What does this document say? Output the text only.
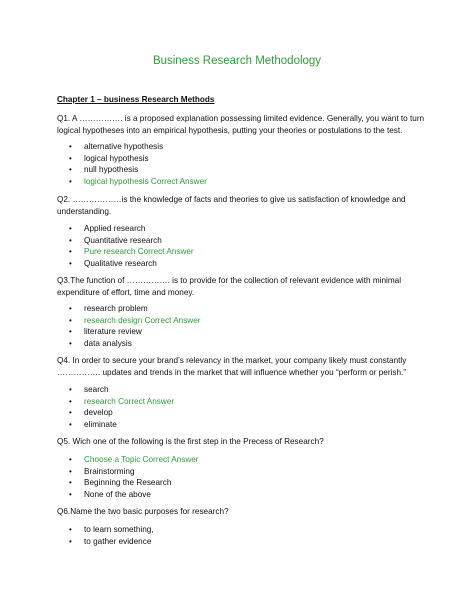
Business Research Methodology
Chapter 1 – business Research Methods
Q1. A ……………. is a proposed explanation possessing limited evidence. Generally, you want to turn logical hypotheses into an empirical hypothesis, putting your theories or postulations to the test.
• alternative hypothesis
• logical hypothesis
• null hypothesis
• logical hypothesis Correct Answer
Q2. ………………is the knowledge of facts and theories to give us satisfaction of knowledge and understanding.
• Applied research
• Quantitative research
• Pure research Correct Answer
• Qualitative research
Q3.The function of ……………. is to provide for the collection of relevant evidence with minimal expenditure of effort, time and money.
• research problem
• research design Correct Answer
• literature review
• data analysis
Q4. In order to secure your brand’s relevancy in the market, your company likely must constantly ……………. updates and trends in the market that will influence whether you “perform or perish.”
• search
• research Correct Answer
• develop
• eliminate
Q5. Wich one of the following is the first step in the Precess of Research?
• Choose a Topic Correct Answer
• Brainstorming
• Beginning the Research
• None of the above
Q6.Name the two basic purposes for research?
• to learn something,
• to gather evidence
